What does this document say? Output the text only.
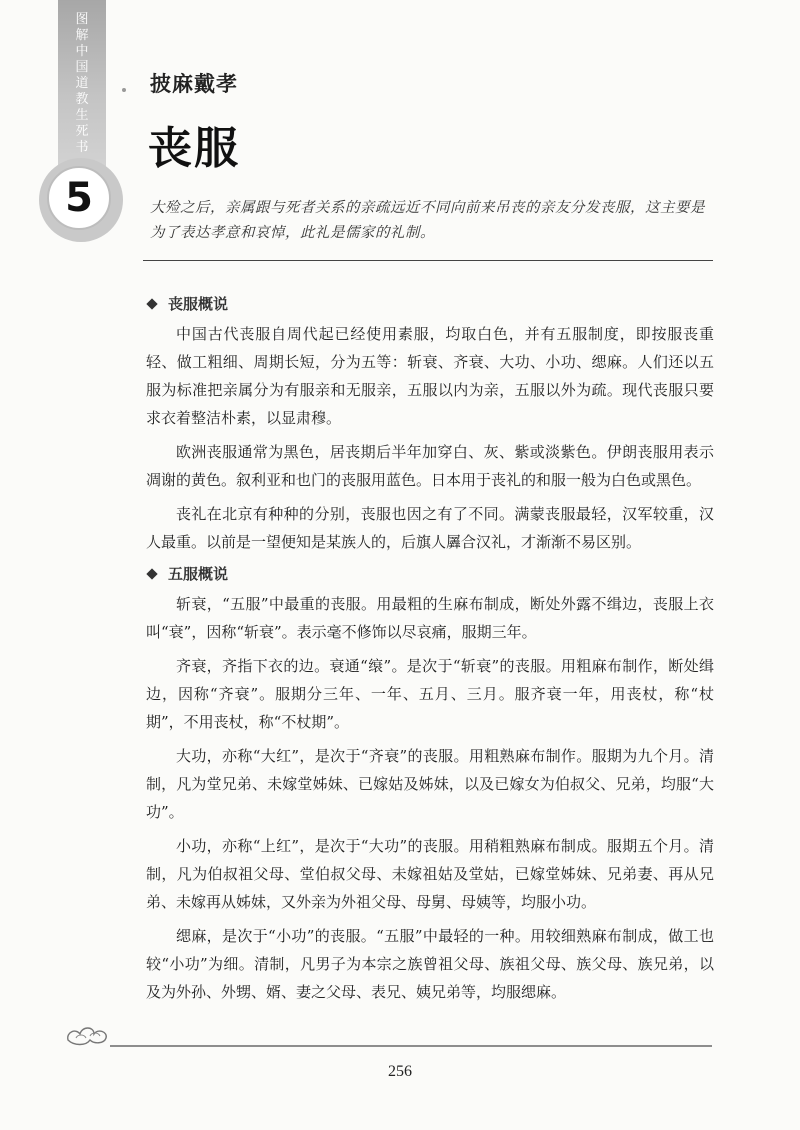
图解中国道教生死书
5
披麻戴孝
丧服
大殓之后，亲属跟与死者关系的亲疏远近不同向前来吊丧的亲友分发丧服，这主要是为了表达孝意和哀悼，此礼是儒家的礼制。
丧服概说

中国古代丧服自周代起已经使用素服，均取白色，并有五服制度，即按服丧重轻、做工粗细、周期长短，分为五等：斩衰、齐衰、大功、小功、缌麻。人们还以五服为标准把亲属分为有服亲和无服亲，五服以内为亲，五服以外为疏。现代丧服只要求衣着整洁朴素，以显肃穆。

欧洲丧服通常为黑色，居丧期后半年加穿白、灰、紫或淡紫色。伊朗丧服用表示凋谢的黄色。叙利亚和也门的丧服用蓝色。日本用于丧礼的和服一般为白色或黑色。

丧礼在北京有种种的分别，丧服也因之有了不同。满蒙丧服最轻，汉军较重，汉人最重。以前是一望便知是某族人的，后旗人羼合汉礼，才渐渐不易区别。

五服概说

斩衰，“五服”中最重的丧服。用最粗的生麻布制成，断处外露不缉边，丧服上衣叫“衰”，因称“斩衰”。表示毫不修饰以尽哀痛，服期三年。

齐衰，齐指下衣的边。衰通“缞”。是次于“斩衰”的丧服。用粗麻布制作，断处缉边，因称“齐衰”。服期分三年、一年、五月、三月。服齐衰一年，用丧杖，称“杖期”，不用丧杖，称“不杖期”。

大功，亦称“大红”，是次于“齐衰”的丧服。用粗熟麻布制作。服期为九个月。清制，凡为堂兄弟、未嫁堂姊妹、已嫁姑及姊妹，以及已嫁女为伯叔父、兄弟，均服“大功”。

小功，亦称“上红”，是次于“大功”的丧服。用稍粗熟麻布制成。服期五个月。清制，凡为伯叔祖父母、堂伯叔父母、未嫁祖姑及堂姑，已嫁堂姊妹、兄弟妻、再从兄弟、未嫁再从姊妹，又外亲为外祖父母、母舅、母姨等，均服小功。

缌麻，是次于“小功”的丧服。“五服”中最轻的一种。用较细熟麻布制成，做工也较“小功”为细。清制，凡男子为本宗之族曾祖父母、族祖父母、族父母、族兄弟，以及为外孙、外甥、婿、妻之父母、表兄、姨兄弟等，均服缌麻。

256
